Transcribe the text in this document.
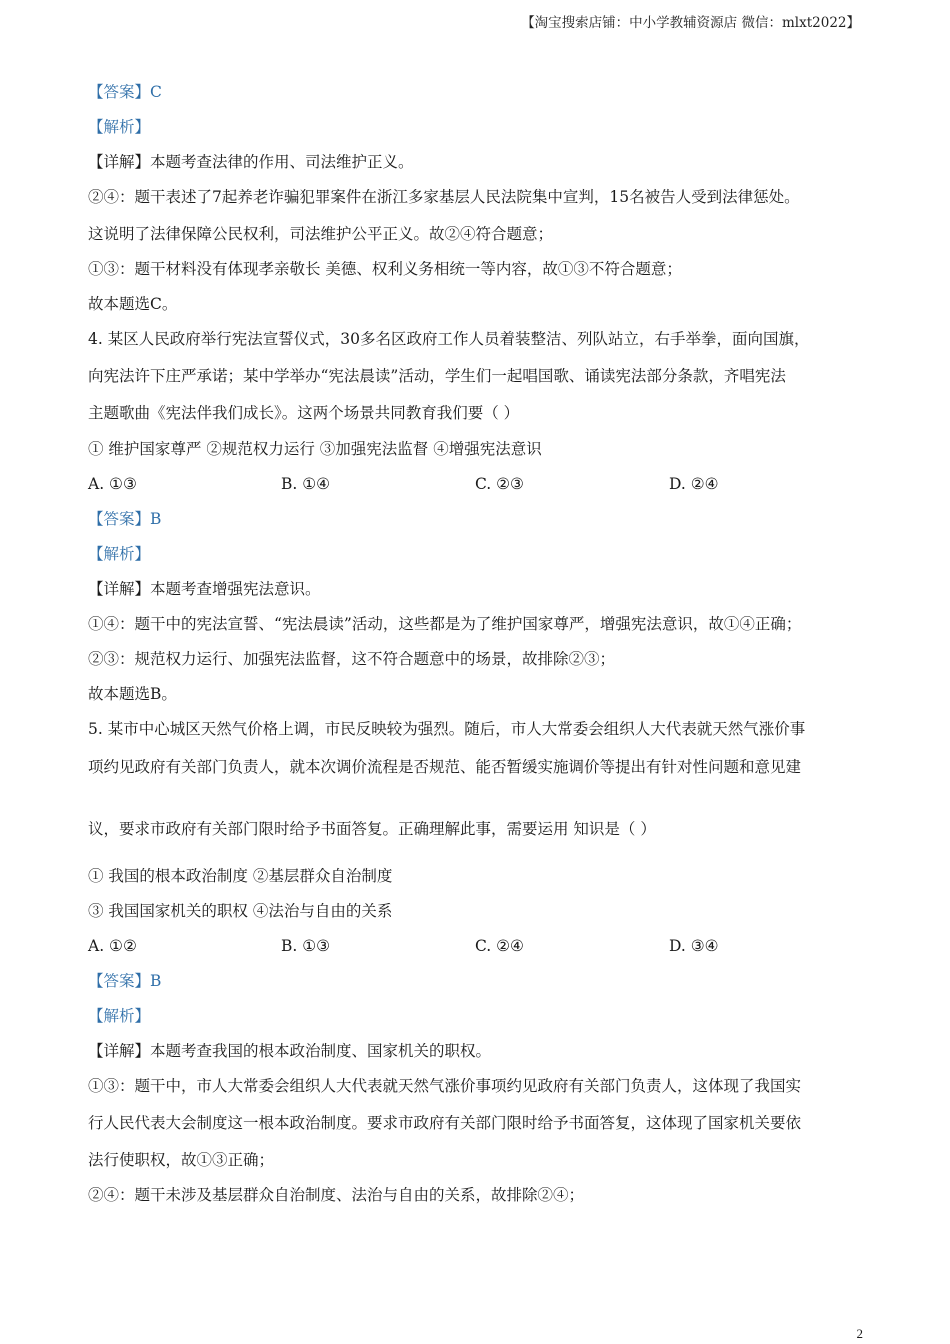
【淘宝搜索店铺：中小学教辅资源店 微信：mlxt2022】
【答案】C
【解析】
【详解】本题考查法律的作用、司法维护正义。
②④：题干表述了7起养老诈骗犯罪案件在浙江多家基层人民法院集中宣判，15名被告人受到法律惩处。
这说明了法律保障公民权利，司法维护公平正义。故②④符合题意；
①③：题干材料没有体现孝亲敬长 美德、权利义务相统一等内容，故①③不符合题意；
故本题选C。
4. 某区人民政府举行宪法宣誓仪式，30多名区政府工作人员着装整洁、列队站立，右手举拳，面向国旗，
向宪法许下庄严承诺；某中学举办“宪法晨读”活动，学生们一起唱国歌、诵读宪法部分条款，齐唱宪法
主题歌曲《宪法伴我们成长》。这两个场景共同教育我们要（ ）
① 维护国家尊严 ②规范权力运行 ③加强宪法监督 ④增强宪法意识
A. ①③	B. ①④	C. ②③	D. ②④
【答案】B
【解析】
【详解】本题考查增强宪法意识。
①④：题干中的宪法宣誓、“宪法晨读”活动，这些都是为了维护国家尊严，增强宪法意识，故①④正确；
②③：规范权力运行、加强宪法监督，这不符合题意中的场景，故排除②③；
故本题选B。
5. 某市中心城区天然气价格上调，市民反映较为强烈。随后，市人大常委会组织人大代表就天然气涨价事
项约见政府有关部门负责人，就本次调价流程是否规范、能否暂缓实施调价等提出有针对性问题和意见建
议，要求市政府有关部门限时给予书面答复。正确理解此事，需要运用 知识是（ ）
① 我国的根本政治制度 ②基层群众自治制度
③ 我国国家机关的职权 ④法治与自由的关系
A. ①②	B. ①③	C. ②④	D. ③④
【答案】B
【解析】
【详解】本题考查我国的根本政治制度、国家机关的职权。
①③：题干中，市人大常委会组织人大代表就天然气涨价事项约见政府有关部门负责人，这体现了我国实
行人民代表大会制度这一根本政治制度。要求市政府有关部门限时给予书面答复，这体现了国家机关要依
法行使职权，故①③正确；
②④：题干未涉及基层群众自治制度、法治与自由的关系，故排除②④；
2
